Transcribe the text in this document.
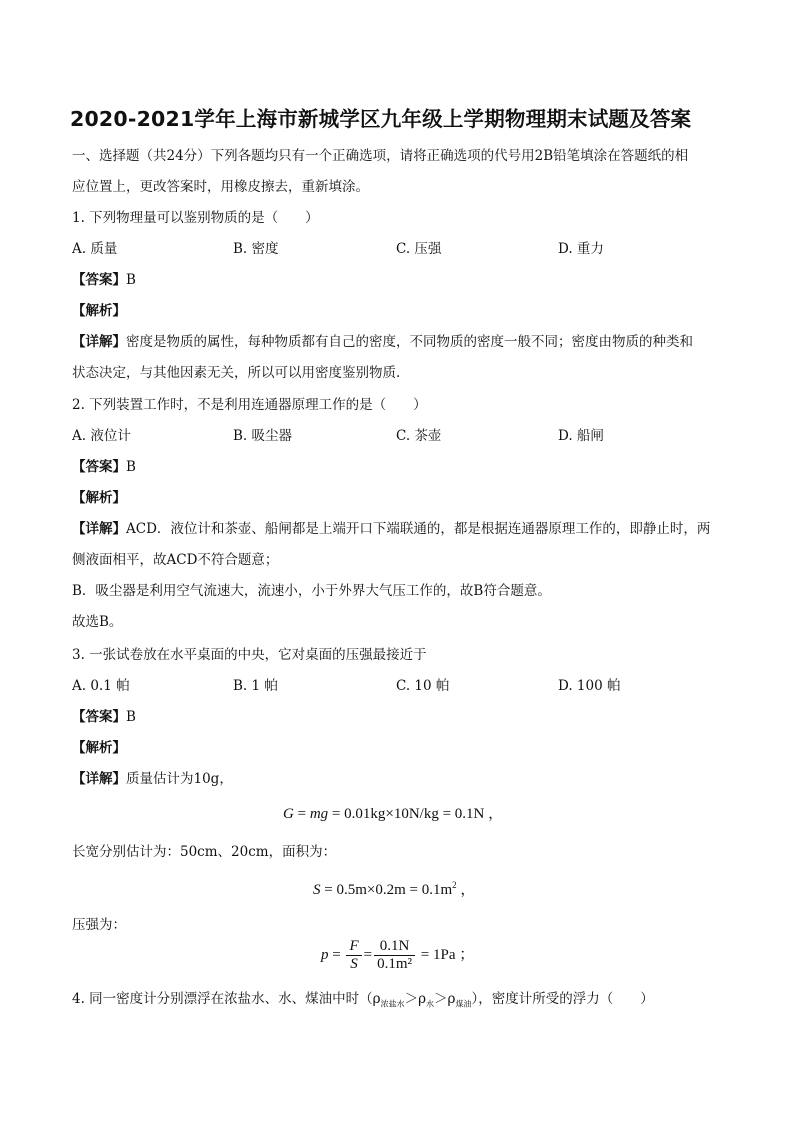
2020-2021学年上海市新城学区九年级上学期物理期末试题及答案
一、选择题（共24分）下列各题均只有一个正确选项，请将正确选项的代号用2B铅笔填涂在答题纸的相
应位置上，更改答案时，用橡皮擦去，重新填涂。
1. 下列物理量可以鉴别物质的是（　　）
A. 质量	B. 密度	C. 压强	D. 重力
【答案】B
【解析】
【详解】密度是物质的属性，每种物质都有自己的密度，不同物质的密度一般不同；密度由物质的种类和
状态决定，与其他因素无关，所以可以用密度鉴别物质.
2. 下列装置工作时，不是利用连通器原理工作的是（　　）
A. 液位计	B. 吸尘器	C. 茶壶	D. 船闸
【答案】B
【解析】
【详解】ACD．液位计和茶壶、船闸都是上端开口下端联通的，都是根据连通器原理工作的，即静止时，两
侧液面相平，故ACD不符合题意；
B．吸尘器是利用空气流速大，流速小，小于外界大气压工作的，故B符合题意。
故选B。
3. 一张试卷放在水平桌面的中央，它对桌面的压强最接近于
A. 0.1 帕	B. 1 帕	C. 10 帕	D. 100 帕
【答案】B
【解析】
【详解】质量估计为10g，
G = mg = 0.01kg×10N/kg = 0.1N ，
长宽分别估计为：50cm、20cm，面积为：
$S = 0.5m\times 0.2m = 0.1m^2$ ，
压强为：
$p = \frac{F}{S} = \frac{0.1N}{\text{0.1m²}} = 1Pa$ ；
4. 同一密度计分别漂浮在浓盐水、水、煤油中时$(\rho_{浓盐水}>\rho_水>\rho_{煤油})$，密度计所受的浮力（　　）
